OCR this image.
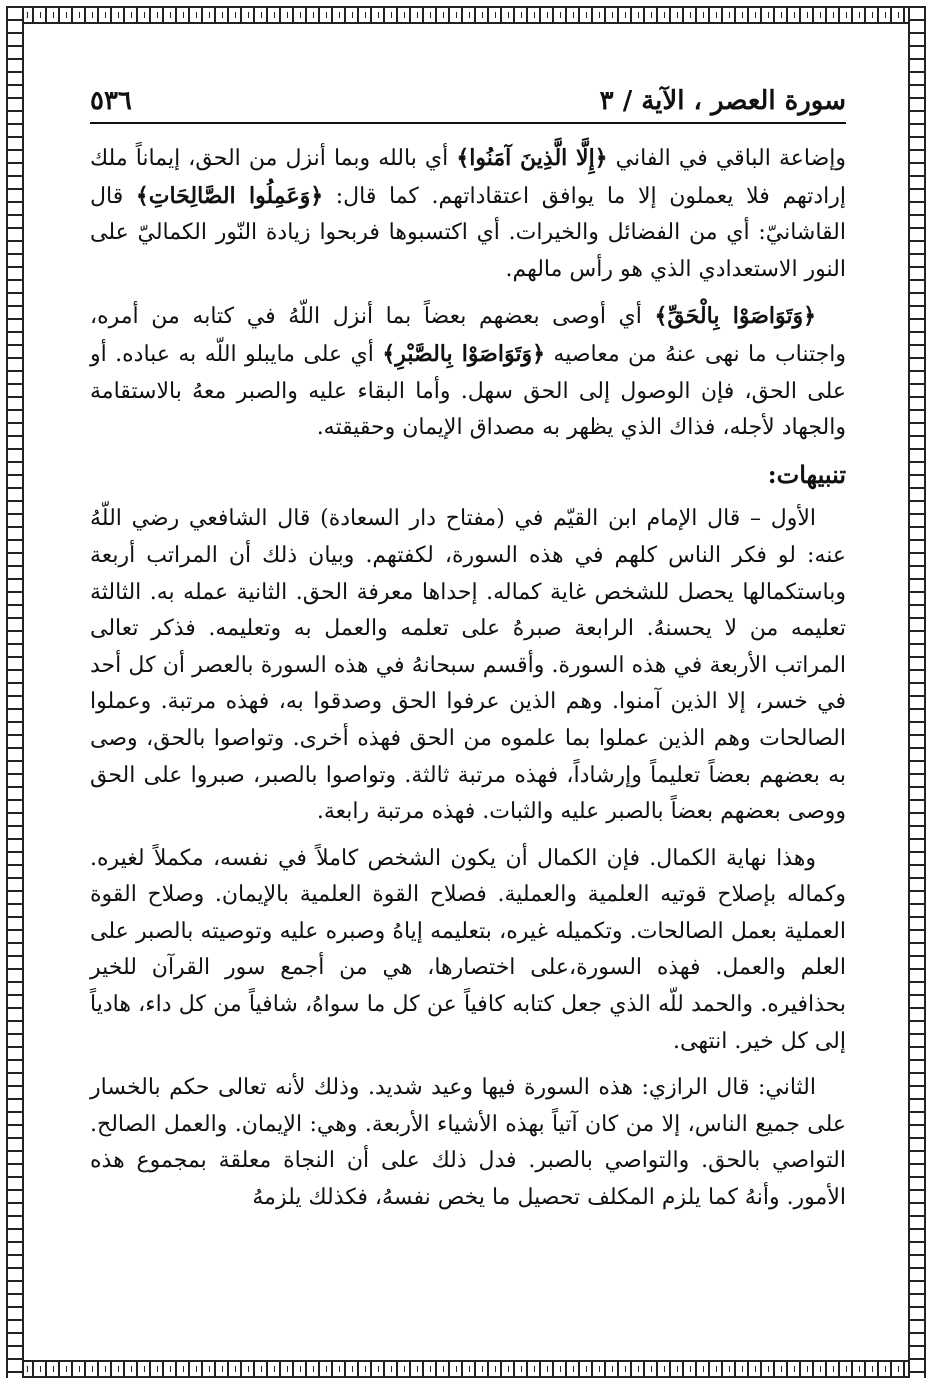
سورة العصر ، الآية / ٣
٥٣٦

وإضاعة الباقي في الفاني ﴿إِلَّا الَّذِينَ آمَنُوا﴾ أي بالله وبما أنزل من الحق، إيماناً ملك إرادتهم فلا يعملون إلا ما يوافق اعتقاداتهم. كما قال: ﴿وَعَمِلُوا الصَّالِحَاتِ﴾ قال القاشانيّ: أي من الفضائل والخيرات. أي اكتسبوها فربحوا زيادة النّور الكماليّ على النور الاستعدادي الذي هو رأس مالهم.

﴿وَتَوَاصَوْا بِالْحَقِّ﴾ أي أوصى بعضهم بعضاً بما أنزل اللّهُ في كتابه من أمره، واجتناب ما نهى عنهُ من معاصيه ﴿وَتَوَاصَوْا بِالصَّبْرِ﴾ أي على مايبلو اللّه به عباده. أو على الحق، فإن الوصول إلى الحق سهل. وأما البقاء عليه والصبر معهُ بالاستقامة والجهاد لأجله، فذاك الذي يظهر به مصداق الإيمان وحقيقته.

تنبيهات:

الأول – قال الإمام ابن القيّم في (مفتاح دار السعادة) قال الشافعي رضي اللّهُ عنه: لو فكر الناس كلهم في هذه السورة، لكفتهم. وبيان ذلك أن المراتب أربعة وباستكمالها يحصل للشخص غاية كماله. إحداها معرفة الحق. الثانية عمله به. الثالثة تعليمه من لا يحسنهُ. الرابعة صبرهُ على تعلمه والعمل به وتعليمه. فذكر تعالى المراتب الأربعة في هذه السورة. وأقسم سبحانهُ في هذه السورة بالعصر أن كل أحد في خسر، إلا الذين آمنوا. وهم الذين عرفوا الحق وصدقوا به، فهذه مرتبة. وعملوا الصالحات وهم الذين عملوا بما علموه من الحق فهذه أخرى. وتواصوا بالحق، وصى به بعضهم بعضاً تعليماً وإرشاداً، فهذه مرتبة ثالثة. وتواصوا بالصبر، صبروا على الحق ووصى بعضهم بعضاً بالصبر عليه والثبات. فهذه مرتبة رابعة.

وهذا نهاية الكمال. فإن الكمال أن يكون الشخص كاملاً في نفسه، مكملاً لغيره. وكماله بإصلاح قوتيه العلمية والعملية. فصلاح القوة العلمية بالإيمان. وصلاح القوة العملية بعمل الصالحات. وتكميله غيره، بتعليمه إياهُ وصبره عليه وتوصيته بالصبر على العلم والعمل. فهذه السورة،على اختصارها، هي من أجمع سور القرآن للخير بحذافيره. والحمد للّه الذي جعل كتابه كافياً عن كل ما سواهُ، شافياً من كل داء، هادياً إلى كل خير. انتهى.

الثاني: قال الرازي: هذه السورة فيها وعيد شديد. وذلك لأنه تعالى حكم بالخسار على جميع الناس، إلا من كان آتياً بهذه الأشياء الأربعة. وهي: الإيمان. والعمل الصالح. التواصي بالحق. والتواصي بالصبر. فدل ذلك على أن النجاة معلقة بمجموع هذه الأمور. وأنهُ كما يلزم المكلف تحصيل ما يخص نفسهُ، فكذلك يلزمهُ
